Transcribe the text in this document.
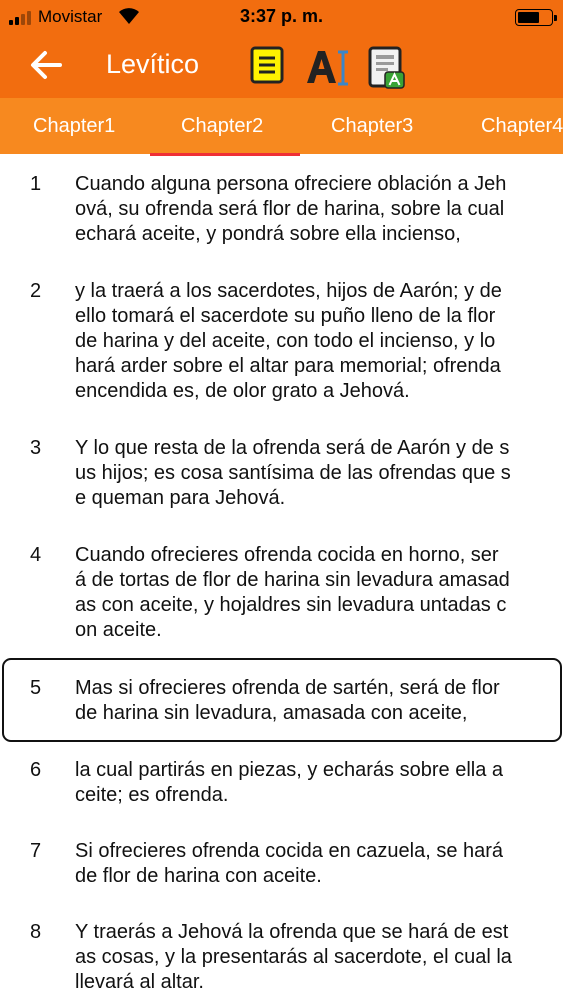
Movistar	3:37 p. m.
Levítico
Chapter1	Chapter2	Chapter3	Chapter4
1 Cuando alguna persona ofreciere oblación a Jeh
ová, su ofrenda será flor de harina, sobre la cual
echará aceite, y pondrá sobre ella incienso,
2 y la traerá a los sacerdotes, hijos de Aarón; y de
ello tomará el sacerdote su puño lleno de la flor
de harina y del aceite, con todo el incienso, y lo
hará arder sobre el altar para memorial; ofrenda
encendida es, de olor grato a Jehová.
3 Y lo que resta de la ofrenda será de Aarón y de s
us hijos; es cosa santísima de las ofrendas que s
e queman para Jehová.
4 Cuando ofrecieres ofrenda cocida en horno, ser
á de tortas de flor de harina sin levadura amasad
as con aceite, y hojaldres sin levadura untadas c
on aceite.
5 Mas si ofrecieres ofrenda de sartén, será de flor
de harina sin levadura, amasada con aceite,
6 la cual partirás en piezas, y echarás sobre ella a
ceite; es ofrenda.
7 Si ofrecieres ofrenda cocida en cazuela, se hará
de flor de harina con aceite.
8 Y traerás a Jehová la ofrenda que se hará de est
as cosas, y la presentarás al sacerdote, el cual la
llevará al altar.
